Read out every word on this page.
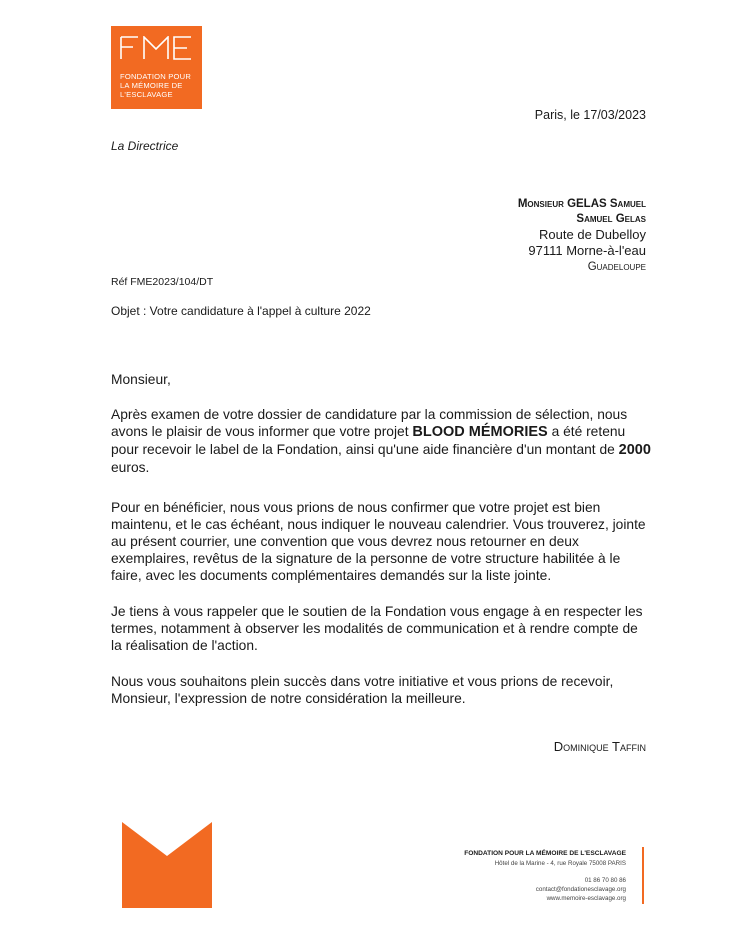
FONDATION POUR
LA MÉMOIRE DE
L'ESCLAVAGE
Paris, le 17/03/2023
La Directrice
Monsieur GELAS Samuel
Samuel Gelas
Route de Dubelloy
97111 Morne-à-l'eau
Guadeloupe
Réf FME2023/104/DT
Objet : Votre candidature à l'appel à culture 2022
Monsieur,
Après examen de votre dossier de candidature par la commission de sélection, nous avons le plaisir de vous informer que votre projet BLOOD MÉMORIES a été retenu pour recevoir le label de la Fondation, ainsi qu'une aide financière d'un montant de 2000 euros.
Pour en bénéficier, nous vous prions de nous confirmer que votre projet est bien maintenu, et le cas échéant, nous indiquer le nouveau calendrier. Vous trouverez, jointe au présent courrier, une convention que vous devrez nous retourner en deux exemplaires, revêtus de la signature de la personne de votre structure habilitée à le faire, avec les documents complémentaires demandés sur la liste jointe.
Je tiens à vous rappeler que le soutien de la Fondation vous engage à en respecter les termes, notamment à observer les modalités de communication et à rendre compte de la réalisation de l'action.
Nous vous souhaitons plein succès dans votre initiative et vous prions de recevoir,
Monsieur, l'expression de notre considération la meilleure.
Dominique Taffin
FONDATION POUR LA MÉMOIRE DE L'ESCLAVAGE
Hôtel de la Marine - 4, rue Royale 75008 PARIS
01 86 70 80 86
contact@fondationesclavage.org
www.memoire-esclavage.org
